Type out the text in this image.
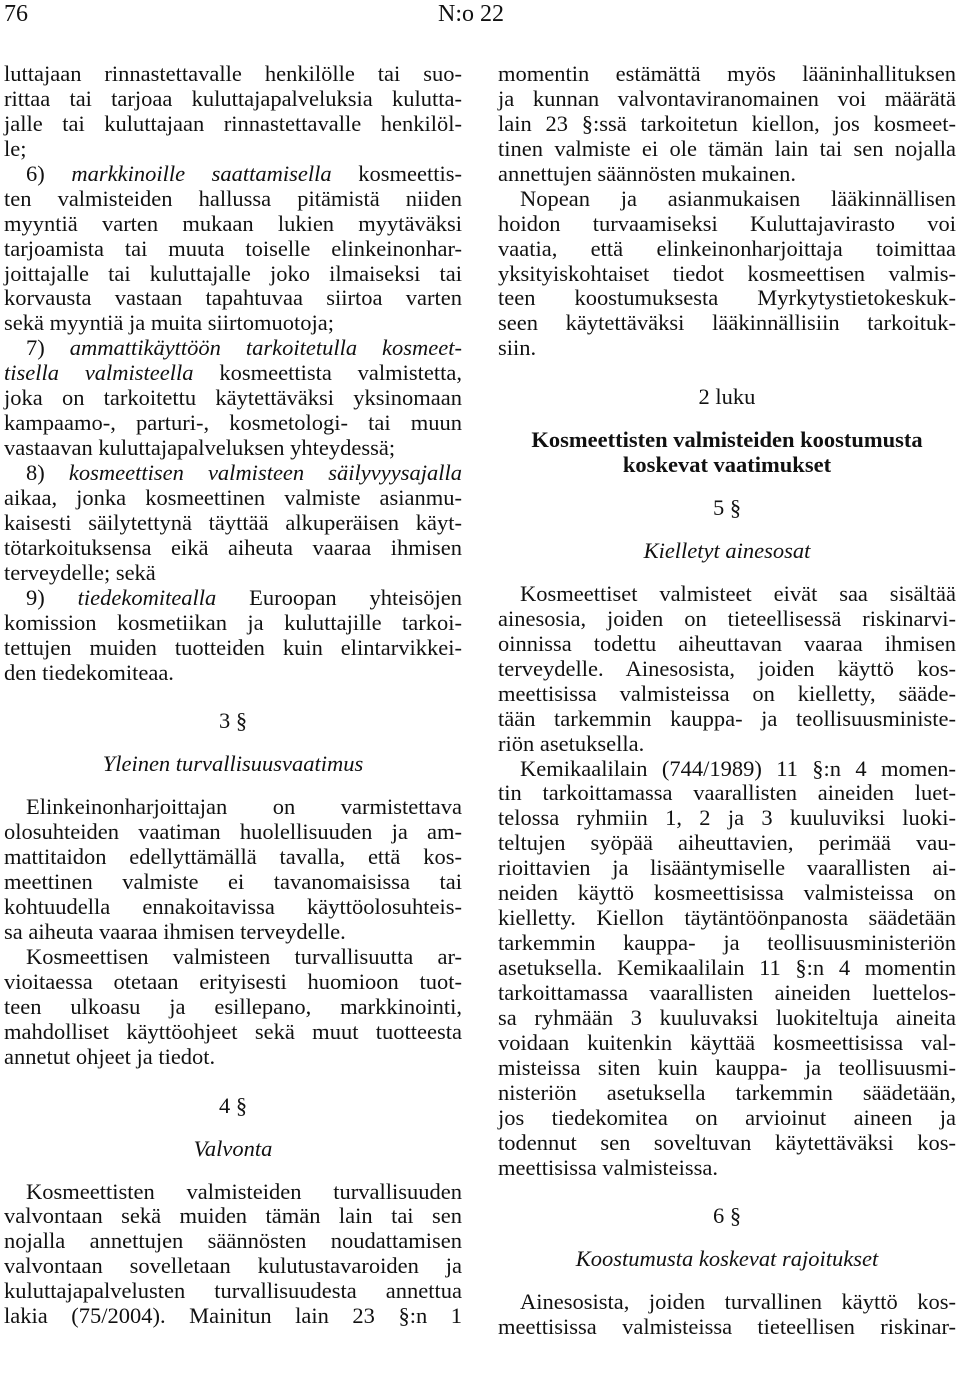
76	N:o 22
luttajaan rinnastettavalle henkilölle tai suo-
rittaa tai tarjoaa kuluttajapalveluksia kulutta-
jalle tai kuluttajaan rinnastettavalle henkilöl-
le;
6) markkinoille saattamisella kosmeettis-
ten valmisteiden hallussa pitämistä niiden
myyntiä varten mukaan lukien myytäväksi
tarjoamista tai muuta toiselle elinkeinonhar-
joittajalle tai kuluttajalle joko ilmaiseksi tai
korvausta vastaan tapahtuvaa siirtoa varten
sekä myyntiä ja muita siirtomuotoja;
7) ammattikäyttöön tarkoitetulla kosmeet-
tisella valmisteella kosmeettista valmistetta,
joka on tarkoitettu käytettäväksi yksinomaan
kampaamo-, parturi-, kosmetologi- tai muun
vastaavan kuluttajapalveluksen yhteydessä;
8) kosmeettisen valmisteen säilyvyysajalla
aikaa, jonka kosmeettinen valmiste asianmu-
kaisesti säilytettynä täyttää alkuperäisen käyt-
tötarkoituksensa eikä aiheuta vaaraa ihmisen
terveydelle; sekä
9) tiedekomitealla Euroopan yhteisöjen
komission kosmetiikan ja kuluttajille tarkoi-
tettujen muiden tuotteiden kuin elintarvikkei-
den tiedekomiteaa.
3 §
Yleinen turvallisuusvaatimus
Elinkeinonharjoittajan on varmistettava
olosuhteiden vaatiman huolellisuuden ja am-
mattitaidon edellyttämällä tavalla, että kos-
meettinen valmiste ei tavanomaisissa tai
kohtuudella ennakoitavissa käyttöolosuhteis-
sa aiheuta vaaraa ihmisen terveydelle.
Kosmeettisen valmisteen turvallisuutta ar-
vioitaessa otetaan erityisesti huomioon tuot-
teen ulkoasu ja esillepano, markkinointi,
mahdolliset käyttöohjeet sekä muut tuotteesta
annetut ohjeet ja tiedot.
4 §
Valvonta
Kosmeettisten valmisteiden turvallisuuden
valvontaan sekä muiden tämän lain tai sen
nojalla annettujen säännösten noudattamisen
valvontaan sovelletaan kulutustavaroiden ja
kuluttajapalvelusten turvallisuudesta annettua
lakia (75/2004). Mainitun lain 23 §:n 1
momentin estämättä myös lääninhallituksen
ja kunnan valvontaviranomainen voi määrätä
lain 23 §:ssä tarkoitetun kiellon, jos kosmeet-
tinen valmiste ei ole tämän lain tai sen nojalla
annettujen säännösten mukainen.
Nopean ja asianmukaisen lääkinnällisen
hoidon turvaamiseksi Kuluttajavirasto voi
vaatia, että elinkeinonharjoittaja toimittaa
yksityiskohtaiset tiedot kosmeettisen valmis-
teen koostumuksesta Myrkytystietokeskuk-
seen käytettäväksi lääkinnällisiin tarkoituk-
siin.
2 luku
Kosmeettisten valmisteiden koostumusta
koskevat vaatimukset
5 §
Kielletyt ainesosat
Kosmeettiset valmisteet eivät saa sisältää
ainesosia, joiden on tieteellisessä riskinarvi-
oinnissa todettu aiheuttavan vaaraa ihmisen
terveydelle. Ainesosista, joiden käyttö kos-
meettisissa valmisteissa on kielletty, sääde-
tään tarkemmin kauppa- ja teollisuusministe-
riön asetuksella.
Kemikaalilain (744/1989) 11 §:n 4 momen-
tin tarkoittamassa vaarallisten aineiden luet-
telossa ryhmiin 1, 2 ja 3 kuuluviksi luoki-
teltujen syöpää aiheuttavien, perimää vau-
rioittavien ja lisääntymiselle vaarallisten ai-
neiden käyttö kosmeettisissa valmisteissa on
kielletty. Kiellon täytäntöönpanosta säädetään
tarkemmin kauppa- ja teollisuusministeriön
asetuksella. Kemikaalilain 11 §:n 4 momentin
tarkoittamassa vaarallisten aineiden luettelos-
sa ryhmään 3 kuuluvaksi luokiteltuja aineita
voidaan kuitenkin käyttää kosmeettisissa val-
misteissa siten kuin kauppa- ja teollisuusmi-
nisteriön asetuksella tarkemmin säädetään,
jos tiedekomitea on arvioinut aineen ja
todennut sen soveltuvan käytettäväksi kos-
meettisissa valmisteissa.
6 §
Koostumusta koskevat rajoitukset
Ainesosista, joiden turvallinen käyttö kos-
meettisissa valmisteissa tieteellisen riskinar-
